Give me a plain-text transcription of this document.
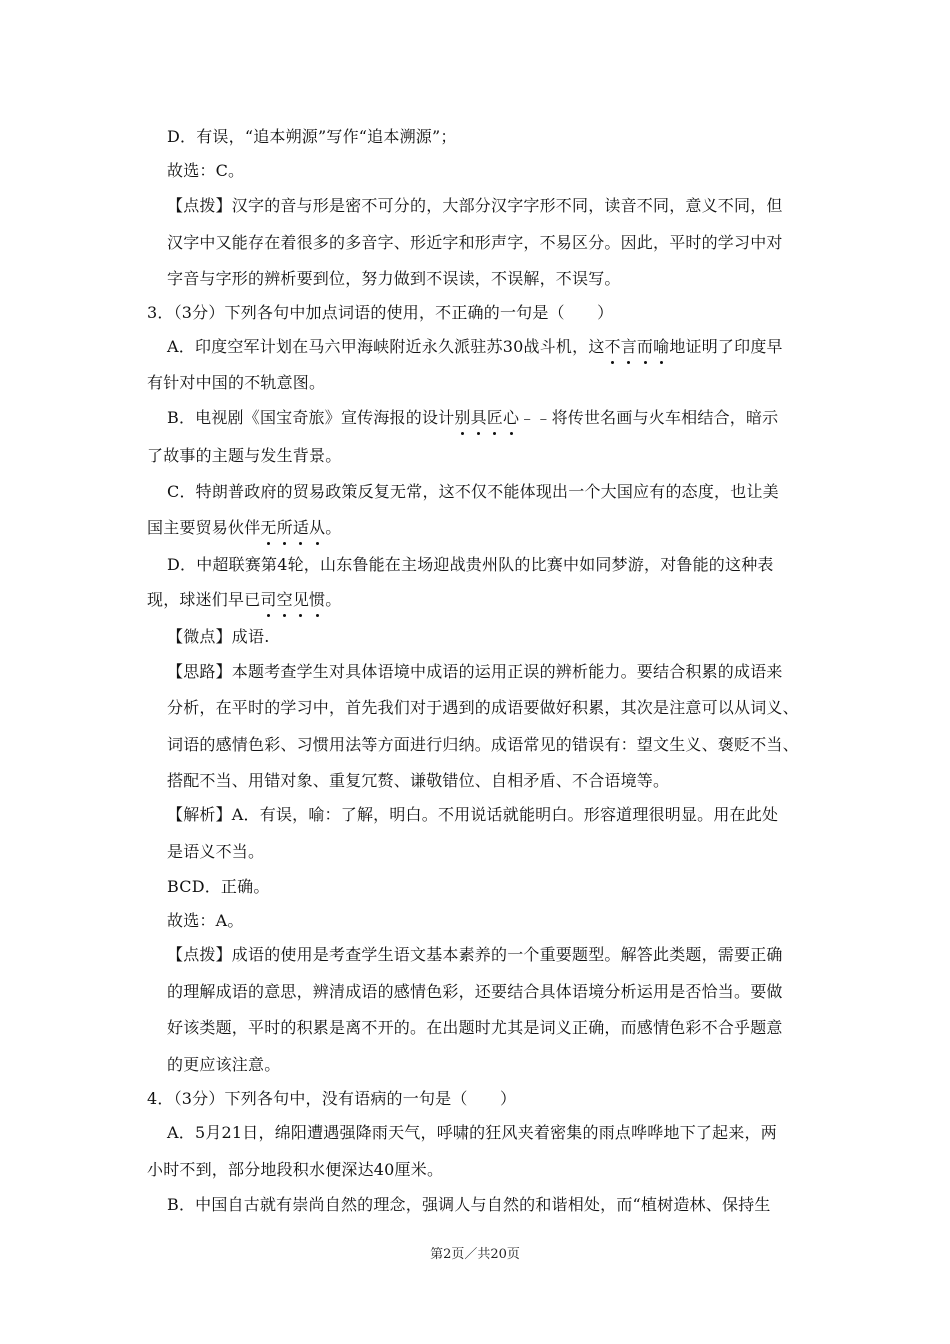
D．有误，“追本朔源”写作“追本溯源”；
故选：C。
【点拨】汉字的音与形是密不可分的，大部分汉字字形不同，读音不同，意义不同，但
汉字中又能存在着很多的多音字、形近字和形声字，不易区分。因此，平时的学习中对
字音与字形的辨析要到位，努力做到不误读，不误解，不误写。
3．（3分）下列各句中加点词语的使用，不正确的一句是（　　）
A．印度空军计划在马六甲海峡附近永久派驻苏30战斗机，这不言而喻地证明了印度早
有针对中国的不轨意图。
B．电视剧《国宝奇旅》宣传海报的设计别具匠心﹣﹣将传世名画与火车相结合，暗示
了故事的主题与发生背景。
C．特朗普政府的贸易政策反复无常，这不仅不能体现出一个大国应有的态度，也让美
国主要贸易伙伴无所适从。
D．中超联赛第4轮，山东鲁能在主场迎战贵州队的比赛中如同梦游，对鲁能的这种表
现，球迷们早已司空见惯。
【微点】成语.
【思路】本题考查学生对具体语境中成语的运用正误的辨析能力。要结合积累的成语来
分析，在平时的学习中，首先我们对于遇到的成语要做好积累，其次是注意可以从词义、
词语的感情色彩、习惯用法等方面进行归纳。成语常见的错误有：望文生义、褒贬不当、
搭配不当、用错对象、重复冗赘、谦敬错位、自相矛盾、不合语境等。
【解析】A．有误，喻：了解，明白。不用说话就能明白。形容道理很明显。用在此处
是语义不当。
BCD．正确。
故选：A。
【点拨】成语的使用是考查学生语文基本素养的一个重要题型。解答此类题，需要正确
的理解成语的意思，辨清成语的感情色彩，还要结合具体语境分析运用是否恰当。要做
好该类题，平时的积累是离不开的。在出题时尤其是词义正确，而感情色彩不合乎题意
的更应该注意。
4．（3分）下列各句中，没有语病的一句是（　　）
A．5月21日，绵阳遭遇强降雨天气，呼啸的狂风夹着密集的雨点哗哗地下了起来，两
小时不到，部分地段积水便深达40厘米。
B．中国自古就有崇尚自然的理念，强调人与自然的和谐相处，而“植树造林、保持生
第2页／共20页
